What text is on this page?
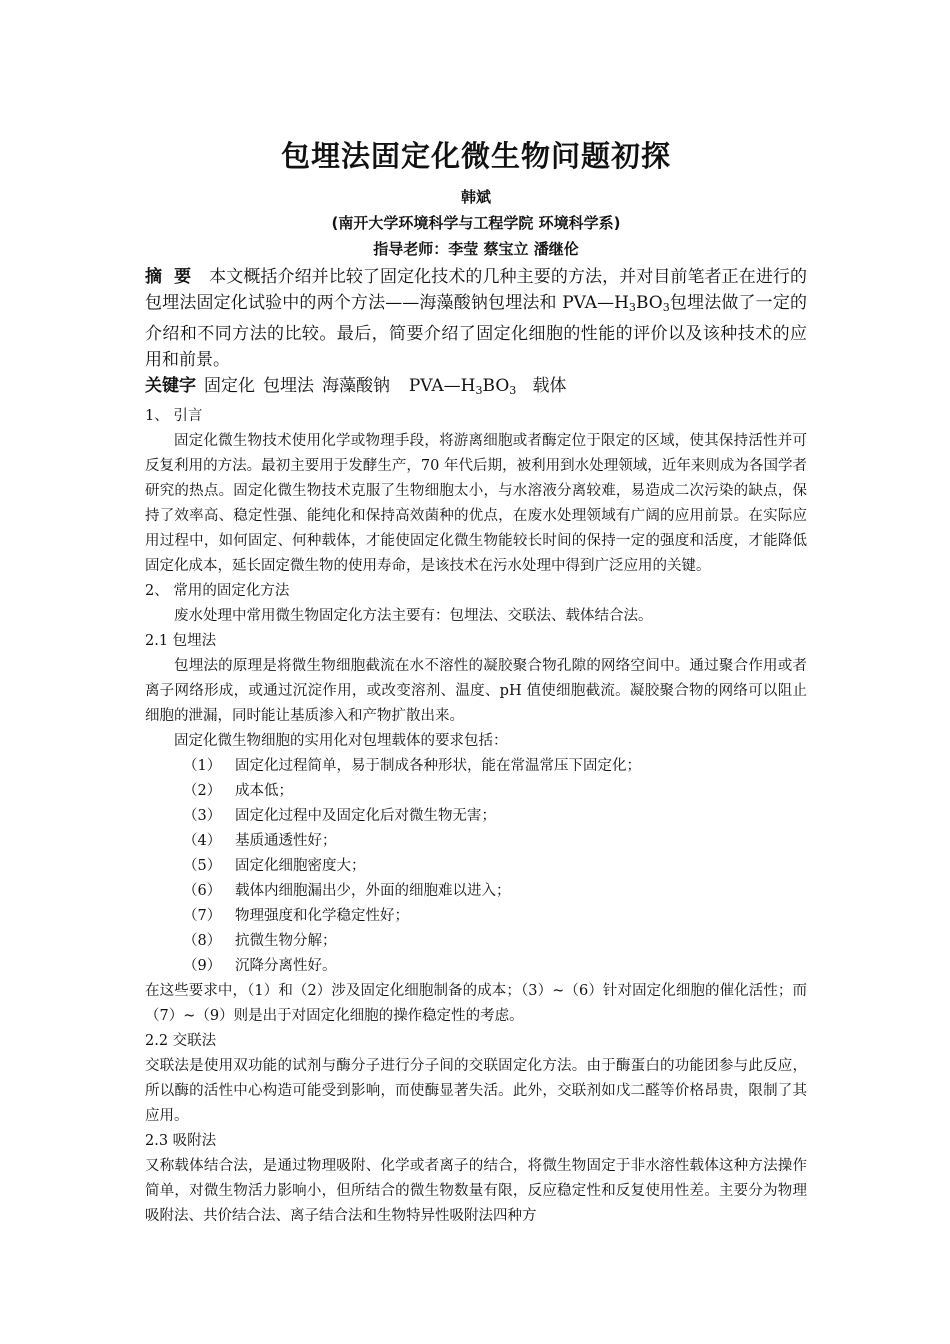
包埋法固定化微生物问题初探
韩斌
(南开大学环境科学与工程学院 环境科学系)
指导老师：李莹 蔡宝立 潘继伦

摘要 本文概括介绍并比较了固定化技术的几种主要的方法，并对目前笔者正在进行的包埋法固定化试验中的两个方法——海藻酸钠包埋法和 $PVA—H_3BO_3$包埋法做了一定的介绍和不同方法的比较。最后，简要介绍了固定化细胞的性能的评价以及该种技术的应用和前景。

关键字 固定化 包埋法 海藻酸钠 $PVA—H_3BO_3$ 载体

1、 引言

固定化微生物技术使用化学或物理手段，将游离细胞或者酶定位于限定的区域，使其保持活性并可反复利用的方法。最初主要用于发酵生产，70 年代后期，被利用到水处理领域，近年来则成为各国学者研究的热点。固定化微生物技术克服了生物细胞太小，与水溶液分离较难，易造成二次污染的缺点，保持了效率高、稳定性强、能纯化和保持高效菌种的优点，在废水处理领域有广阔的应用前景。在实际应用过程中，如何固定、何种载体，才能使固定化微生物能较长时间的保持一定的强度和活度，才能降低固定化成本，延长固定微生物的使用寿命，是该技术在污水处理中得到广泛应用的关键。

2、 常用的固定化方法

废水处理中常用微生物固定化方法主要有：包埋法、交联法、载体结合法。

2.1 包埋法

包埋法的原理是将微生物细胞截流在水不溶性的凝胶聚合物孔隙的网络空间中。通过聚合作用或者离子网络形成，或通过沉淀作用，或改变溶剂、温度、pH 值使细胞截流。凝胶聚合物的网络可以阻止细胞的泄漏，同时能让基质渗入和产物扩散出来。

固定化微生物细胞的实用化对包埋载体的要求包括：

（1） 固定化过程简单，易于制成各种形状，能在常温常压下固定化；

（2） 成本低；

（3） 固定化过程中及固定化后对微生物无害；

（4） 基质通透性好；

（5） 固定化细胞密度大；

（6） 载体内细胞漏出少，外面的细胞难以进入；

（7） 物理强度和化学稳定性好；

（8） 抗微生物分解；

（9） 沉降分离性好。

在这些要求中，（1）和（2）涉及固定化细胞制备的成本；（3）~（6）针对固定化细胞的催化活性；而（7）~（9）则是出于对固定化细胞的操作稳定性的考虑。

2.2 交联法

交联法是使用双功能的试剂与酶分子进行分子间的交联固定化方法。由于酶蛋白的功能团参与此反应，所以酶的活性中心构造可能受到影响，而使酶显著失活。此外，交联剂如戊二醛等价格昂贵，限制了其应用。

2.3 吸附法

又称载体结合法，是通过物理吸附、化学或者离子的结合，将微生物固定于非水溶性载体这种方法操作简单，对微生物活力影响小，但所结合的微生物数量有限，反应稳定性和反复使用性差。主要分为物理吸附法、共价结合法、离子结合法和生物特异性吸附法四种方
